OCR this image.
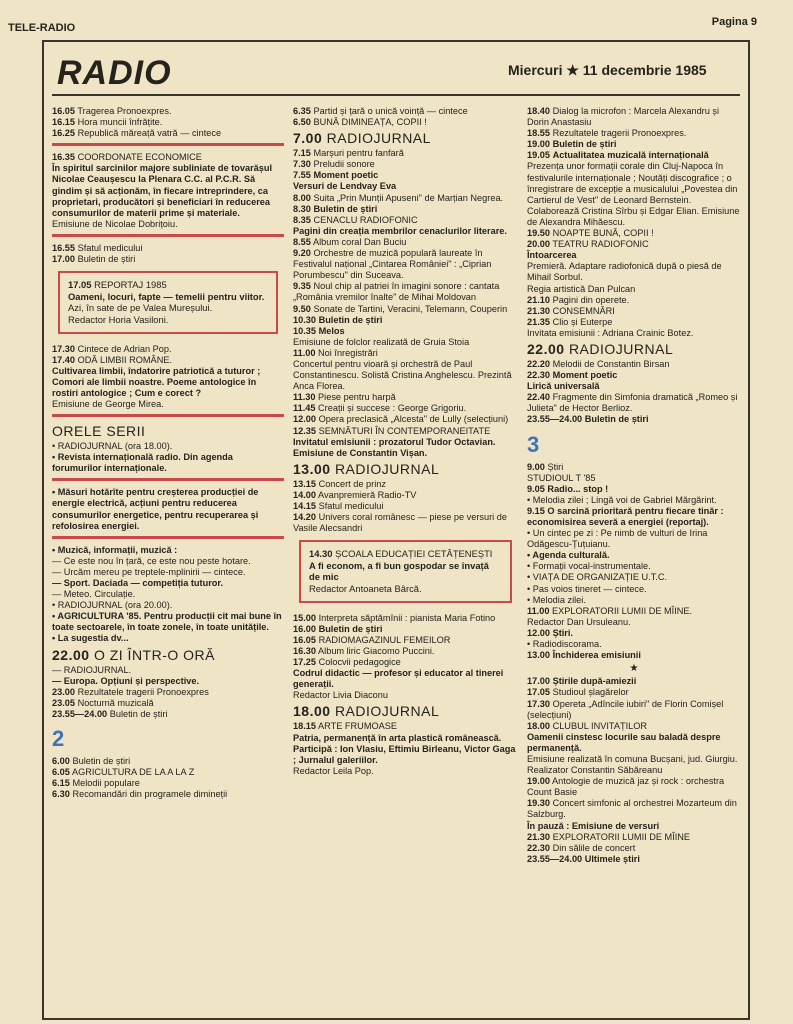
TELE-RADIO	Pagina 9
RADIO	Miercuri ★ 11 decembrie 1985
16.05 Tragerea Pronoexpres.
16.15 Hora muncii înfrățite.
16.25 Republică măreață vatră — cintece
16.35 COORDONATE ECONOMICE
În spiritul sarcinilor majore subliniate de tovarășul Nicolae Ceaușescu la Plenara C.C. al P.C.R. Să gindim și să acționăm, în fiecare intreprindere, ca proprietari, producători și beneficiari în reducerea consumurilor de materii prime și materiale.
Emisiune de Nicolae Dobrițoiu.
16.55 Sfatul medicului
17.00 Buletin de știri
17.05 REPORTAJ 1985
Oameni, locuri, fapte — temelii pentru viitor.
Azi, în sate de pe Valea Mureșului.
Redactor Horia Vasiloni.
17.30 Cintece de Adrian Pop.
17.40 ODĂ LIMBII ROMÂNE.
Cultivarea limbii, îndatorire patriotică a tuturor ; Comori ale limbii noastre. Poeme antologice în rostiri antologice ; Cum e corect ?
Emisiune de George Mirea.
ORELE SERII
• RADIOJURNAL (ora 18.00).
• Revista internațională radio. Din agenda forumurilor internaționale.
• Măsuri hotărîte pentru creșterea producției de energie electrică, acțiuni pentru reducerea consumurilor energetice, pentru recuperarea și refolosirea energiei.
• Muzică, informații, muzică :
— Ce este nou în țară, ce este nou peste hotare.
— Urcăm mereu pe treptele-mplinirii — cintece.
— Sport. Daciada — competiția tuturor.
— Meteo. Circulație.
• RADIOJURNAL (ora 20.00).
• AGRICULTURA '85. Pentru producții cit mai bune în toate sectoarele, în toate zonele, în toate unitățile.
• La sugestia dv...
22.00 O ZI ÎNTR-O ORĂ
— RADIOJURNAL.
— Europa. Opțiuni și perspective.
23.00 Rezultatele tragerii Pronoexpres
23.05 Nocturnă muzicală
23.55—24.00 Buletin de știri
2
6.00 Buletin de știri
6.05 AGRICULTURA DE LA A LA Z
6.15 Melodii populare
6.30 Recomandări din programele dimineții
6.35 Partid și țară o unică voință — cintece
6.50 BUNĂ DIMINEAȚA, COPII !
7.00 RADIOJURNAL
7.15 Marșuri pentru fanfară
7.30 Preludii sonore
7.55 Moment poetic
Versuri de Lendvay Eva
8.00 Suita „Prin Munții Apuseni" de Marțian Negrea.
8.30 Buletin de știri
8.35 CENACLU RADIOFONIC
Pagini din creația membrilor cenaclurilor literare.
8.55 Album coral Dan Buciu
9.20 Orchestre de muzică populară laureate în Festivalul național „Cintarea României" : „Ciprian Porumbescu" din Suceava.
9.35 Noul chip al patriei în imagini sonore : cantata „România vremilor înalte" de Mihai Moldovan
9.50 Sonate de Tartini, Veracini, Telemann, Couperin
10.30 Buletin de știri
10.35 Melos
Emisiune de folclor realizată de Gruia Stoia
11.00 Noi înregistrări
Concertul pentru vioară și orchestră de Paul Constantinescu. Solistă Cristina Anghelescu. Prezintă Anca Florea.
11.30 Piese pentru harpă
11.45 Creații și succese : George Grigoriu.
12.00 Opera preclasică „Alcesta" de Lully (selecțiuni)
12.35 SEMNĂTURI ÎN CONTEMPORANEITATE
Invitatul emisiunii : prozatorul Tudor Octavian. Emisiune de Constantin Vișan.
13.00 RADIOJURNAL
13.15 Concert de prinz
14.00 Avanpremieră Radio-TV
14.15 Sfatul medicului
14.20 Univers coral românesc — piese pe versuri de Vasile Alecsandri
14.30 ȘCOALA EDUCAȚIEI CETĂȚENEȘTI
A fi econom, a fi bun gospodar se învață de mic
Redactor Antoaneta Bârcă.
15.00 Interpreta săptămînii : pianista Maria Fotino
16.00 Buletin de știri
16.05 RADIOMAGAZINUL FEMEILOR
16.30 Album liric Giacomo Puccini.
17.25 Colocvii pedagogice
Codrul didactic — profesor și educator al tinerei generații.
Redactor Livia Diaconu
18.00 RADIOJURNAL
18.15 ARTE FRUMOASE
Patria, permanență în arta plastică românească. Participă : Ion Vlasiu, Eftimiu Birleanu, Victor Gaga ; Jurnalul galeriilor.
Redactor Leila Pop.
18.40 Dialog la microfon : Marcela Alexandru și Dorin Anastasiu
18.55 Rezultatele tragerii Pronoexpres.
19.00 Buletin de știri
19.05 Actualitatea muzicală internațională
Prezența unor formații corale din Cluj-Napoca în festivalurile internaționale ; Noutăți discografice ; o înregistrare de excepție a musicalului „Povestea din Cartierul de Vest" de Leonard Bernstein. Colaborează Cristina Sîrbu și Edgar Elian. Emisiune de Alexandra Mihăescu.
19.50 NOAPTE BUNĂ, COPII !
20.00 TEATRU RADIOFONIC
Întoarcerea
Premieră. Adaptare radiofonică după o piesă de Mihail Sorbul.
Regia artistică Dan Pulcan
21.10 Pagini din operete.
21.30 CONSEMNĂRI
21.35 Clio și Euterpe
Invitata emisiunii : Adriana Crainic Botez.
22.00 RADIOJURNAL
22.20 Melodii de Constantin Birsan
22.30 Moment poetic
Lirică universală
22.40 Fragmente din Simfonia dramatică „Romeo și Julieta" de Hector Berlioz.
23.55—24.00 Buletin de știri
3
9.00 Știri
STUDIOUL T '85
9.05 Radio... stop !
• Melodia zilei ; Lingă voi de Gabriel Mărgărint.
9.15 O sarcină prioritară pentru fiecare tinăr : economisirea severă a energiei (reportaj).
• Un cintec pe zi : Pe nimb de vulturi de Irina Odăgescu-Țuțuianu.
• Agenda culturală.
• Formații vocal-instrumentale.
• VIAȚA DE ORGANIZAȚIE U.T.C.
• Pas voios tineret — cintece.
• Melodia zilei.
11.00 EXPLORATORII LUMII DE MÎINE.
Redactor Dan Ursuleanu.
12.00 Știri.
• Radiodiscorama.
13.00 Închiderea emisiunii
★
17.00 Știrile după-amiezii
17.05 Studioul șlagărelor
17.30 Opereta „Adîncile iubiri" de Florin Comișel (selecțiuni)
18.00 CLUBUL INVITAȚILOR
Oamenii cinstesc locurile sau baladă despre permanență.
Emisiune realizată în comuna Bucșani, jud. Giurgiu. Realizator Constantin Săbăreanu
19.00 Antologie de muzică jaz și rock : orchestra Count Basie
19.30 Concert simfonic al orchestrei Mozarteum din Salzburg.
În pauză : Emisiune de versuri
21.30 EXPLORATORII LUMII DE MÎINE
22.30 Din sălile de concert
23.55—24.00 Ultimele știri
